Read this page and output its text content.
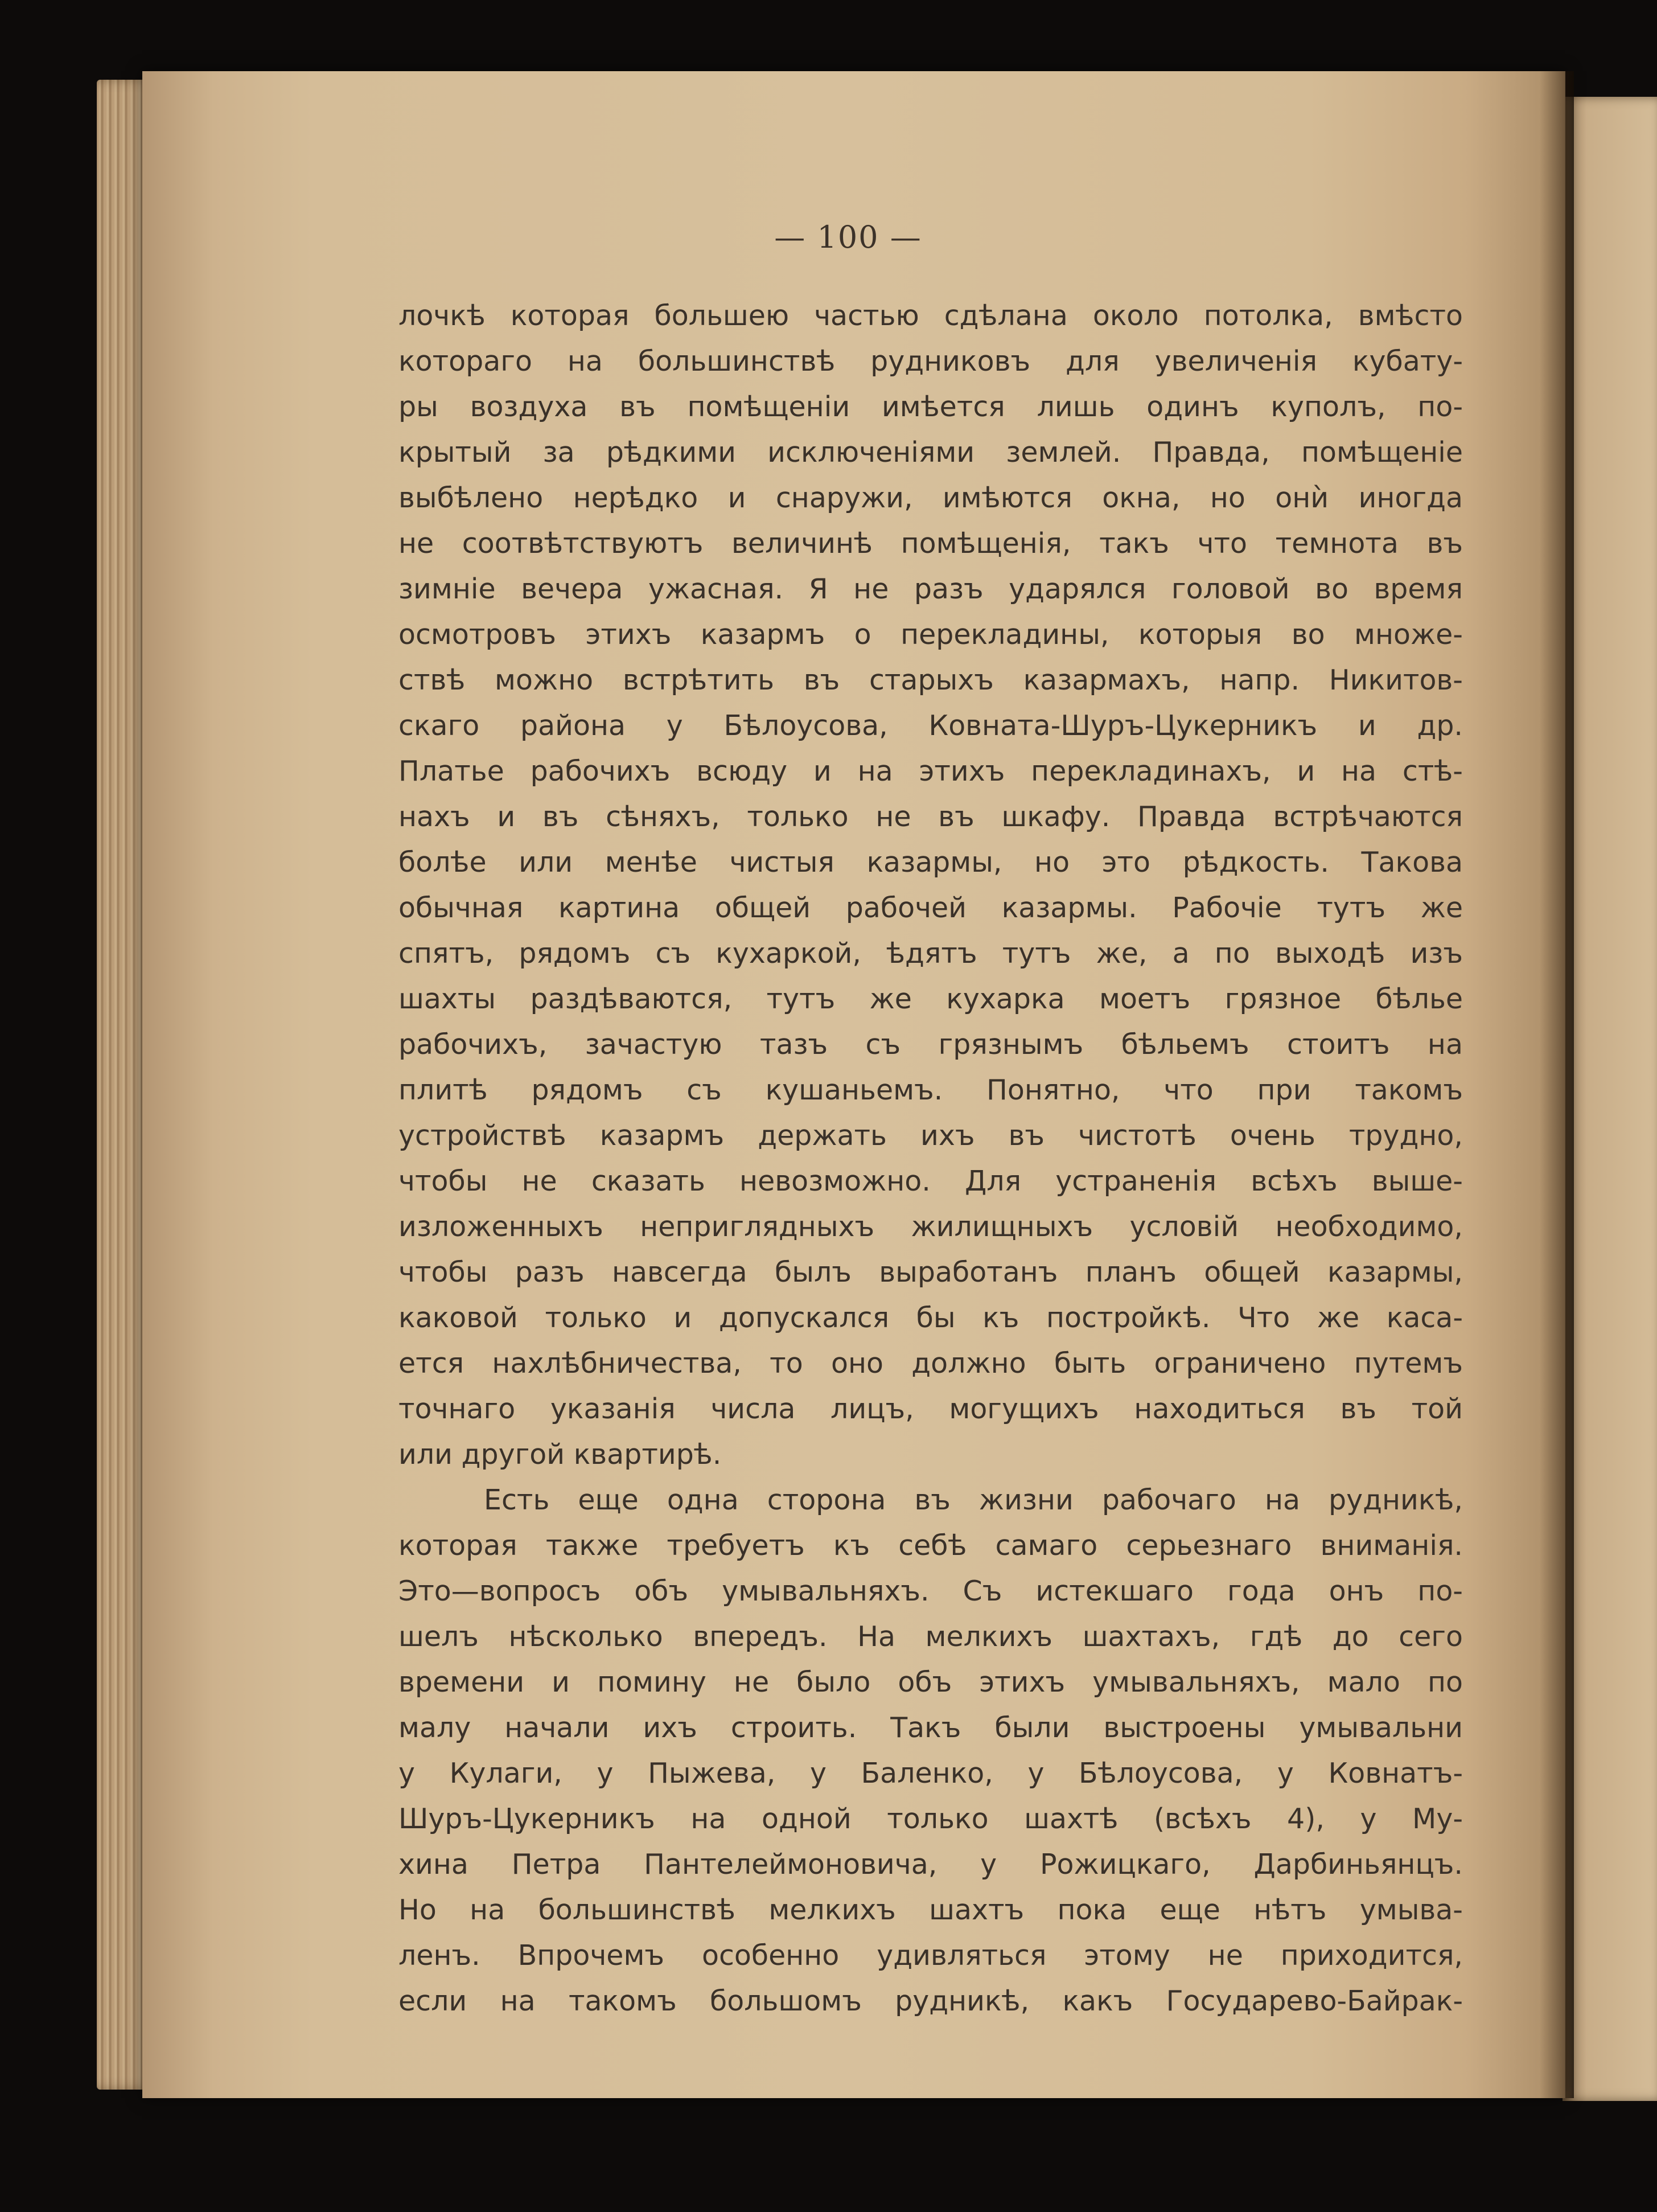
— 100 —
лочкѣ которая большею частью сдѣлана около потолка, вмѣсто
котораго на большинствѣ рудниковъ для увеличенія кубату-
ры воздуха въ помѣщеніи имѣется лишь одинъ куполъ, по-
крытый за рѣдкими исключеніями землей. Правда, помѣщеніе
выбѣлено нерѣдко и снаружи, имѣются окна, но онѝ иногда
не соотвѣтствуютъ величинѣ помѣщенія, такъ что темнота въ
зимніе вечера ужасная. Я не разъ ударялся головой во время
осмотровъ этихъ казармъ о перекладины, которыя во множе-
ствѣ можно встрѣтить въ старыхъ казармахъ, напр. Никитов-
скаго района у Бѣлоусова, Ковната-Шуръ-Цукерникъ и др.
Платье рабочихъ всюду и на этихъ перекладинахъ, и на стѣ-
нахъ и въ сѣняхъ, только не въ шкафу. Правда встрѣчаются
болѣе или менѣе чистыя казармы, но это рѣдкость. Такова
обычная картина общей рабочей казармы. Рабочіе тутъ же
спятъ, рядомъ съ кухаркой, ѣдятъ тутъ же, а по выходѣ изъ
шахты раздѣваются, тутъ же кухарка моетъ грязное бѣлье
рабочихъ, зачастую тазъ съ грязнымъ бѣльемъ стоитъ на
плитѣ рядомъ съ кушаньемъ. Понятно, что при такомъ
устройствѣ казармъ держать ихъ въ чистотѣ очень трудно,
чтобы не сказать невозможно. Для устраненія всѣхъ выше-
изложенныхъ неприглядныхъ жилищныхъ условій необходимо,
чтобы разъ навсегда былъ выработанъ планъ общей казармы,
каковой только и допускался бы къ постройкѣ. Что же каса-
ется нахлѣбничества, то оно должно быть ограничено путемъ
точнаго указанія числа лицъ, могущихъ находиться въ той
или другой квартирѣ.
Есть еще одна сторона въ жизни рабочаго на рудникѣ,
которая также требуетъ къ себѣ самаго серьезнаго вниманія.
Это—вопросъ объ умывальняхъ. Съ истекшаго года онъ по-
шелъ нѣсколько впередъ. На мелкихъ шахтахъ, гдѣ до сего
времени и помину не было объ этихъ умывальняхъ, мало по
малу начали ихъ строить. Такъ были выстроены умывальни
у Кулаги, у Пыжева, у Баленко, у Бѣлоусова, у Ковнатъ-
Шуръ-Цукерникъ на одной только шахтѣ (всѣхъ 4), у Му-
хина Петра Пантелеймоновича, у Рожицкаго, Дарбиньянцъ.
Но на большинствѣ мелкихъ шахтъ пока еще нѣтъ умыва-
ленъ. Впрочемъ особенно удивляться этому не приходится,
если на такомъ большомъ рудникѣ, какъ Государево-Байрак-
